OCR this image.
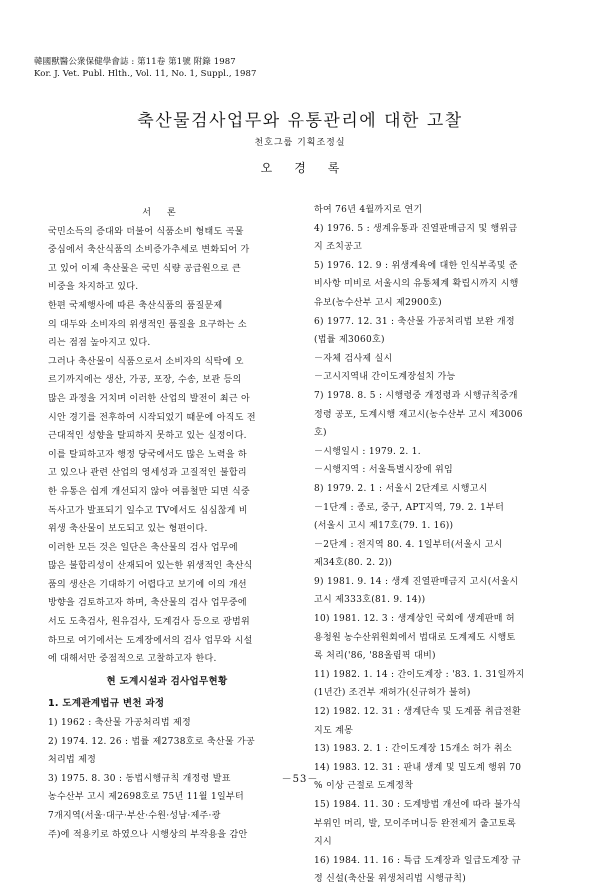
韓國獸醫公衆保健學會誌 : 第11卷 第1號 附錄 1987
Kor. J. Vet. Publ. Hlth., Vol. 11, No. 1, Suppl., 1987
축산물검사업무와 유통관리에 대한 고찰
천호그룹 기획조정실
오경록

서론

국민소득의 증대와 더불어 식품소비 형태도 곡물
중심에서 축산식품의 소비증가추세로 변화되어 가
고 있어 이제 축산물은 국민 식량 공급원으로 큰
비중을 차지하고 있다.
한편 국제행사에 따른 축산식품의 품질문제
의 대두와 소비자의 위생적인 품질을 요구하는 소
리는 점점 높아지고 있다.
그러나 축산물이 식품으로서 소비자의 식탁에 오
르기까지에는 생산, 가공, 포장, 수송, 보관 등의
많은 과정을 거치며 이러한 산업의 발전이 최근 아
시안 경기를 전후하여 시작되었기 때문에 아직도 전
근대적인 성향을 탈피하지 못하고 있는 실정이다.
이를 탈피하고자 행정 당국에서도 많은 노력을 하
고 있으나 관련 산업의 영세성과 고질적인 불합리
한 유통은 쉽게 개선되지 않아 여름철만 되면 식중
독사고가 발표되기 일수고 TV에서도 심심찮게 비
위생 축산물이 보도되고 있는 형편이다.
이러한 모든 것은 일단은 축산물의 검사 업무에
많은 불합리성이 산재되어 있는한 위생적인 축산식
품의 생산은 기대하기 어렵다고 보기에 이의 개선
방향을 검토하고자 하며, 축산물의 검사 업무중에
서도 도축검사, 원유검사, 도계검사 등으로 광범위
하므로 여기에서는 도계장에서의 검사 업무와 시설
에 대해서만 중점적으로 고찰하고자 한다.

현 도계시설과 검사업무현황

1. 도계관계법규 변천 과정

1) 1962 : 축산물 가공처리법 제정
2) 1974. 12. 26 : 법률 제2738호로 축산물 가공
처리법 제정
3) 1975. 8. 30 : 동법시행규칙 개정령 발표
농수산부 고시 제2698호로 75년 11월 1일부터
7개지역(서울·대구·부산·수원·성남·제주·광
주)에 적용키로 하였으나 시행상의 부작용을 감안
하여 76년 4월까지로 연기
4) 1976. 5 : 생계유통과 진열판매금지 및 행위금
지 조치공고
5) 1976. 12. 9 : 위생계육에 대한 인식부족및 준
비사항 미비로 서울시의 유통체계 확립시까지 시행
유보(농수산부 고시 제2900호)
6) 1977. 12. 31 : 축산물 가공처리법 보완 개정
(법률 제3060호)
－자체 검사제 실시
－고시지역내 간이도계장설치 가능
7) 1978. 8. 5 : 시행령중 개정령과 시행규칙중개
정령 공포, 도계시행 재고시(농수산부 고시 제3006
호)
－시행일시 : 1979. 2. 1.
－시행지역 : 서울특별시장에 위임
8) 1979. 2. 1 : 서울시 2단계로 시행고시
－1단계 : 종로, 중구, APT지역, 79. 2. 1부터
(서울시 고시 제17호(79. 1. 16))
－2단계 : 전지역 80. 4. 1일부터(서울시 고시
제34호(80. 2. 2))
9) 1981. 9. 14 : 생계 진열판매금지 고시(서울시
고시 제333호(81. 9. 14))
10) 1981. 12. 3 : 생계상인 국회에 생계판매 허
용청원 농수산위원회에서 법대로 도계제도 시행토
록 처리('86, '88올림픽 대비)
11) 1982. 1. 14 : 간이도계장 : '83. 1. 31일까지
(1년간) 조건부 재허가(신규허가 불허)
12) 1982. 12. 31 : 생계단속 및 도계품 취급전환
지도 계몽
13) 1983. 2. 1 : 간이도계장 15개소 허가 취소
14) 1983. 12. 31 : 판내 생계 및 밀도계 행위 70
% 이상 근절로 도계정착
15) 1984. 11. 30 : 도계방법 개선에 따라 불가식
부위인 머리, 발, 모이주머니등 완전제거 출고토록
지시
16) 1984. 11. 16 : 특급 도계장과 일급도계장 규
정 신설(축산물 위생처리법 시행규칙)
－53－
